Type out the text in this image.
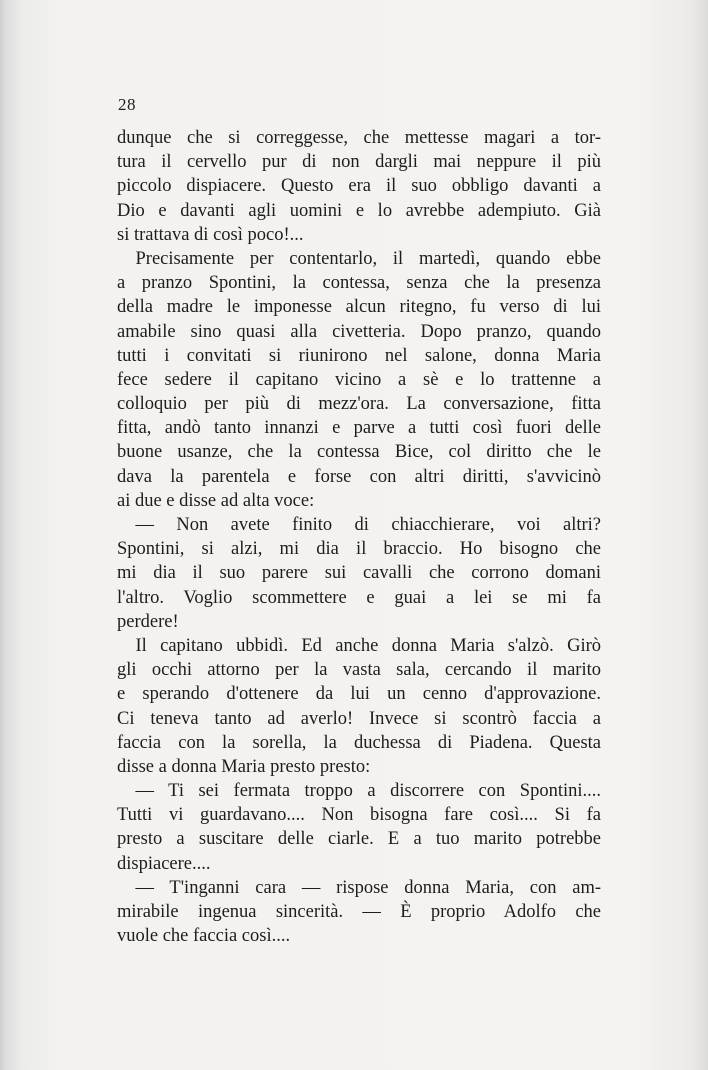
28
dunque che si correggesse, che mettesse magari a tor-
tura il cervello pur di non dargli mai neppure il più
piccolo dispiacere. Questo era il suo obbligo davanti a
Dio e davanti agli uomini e lo avrebbe adempiuto. Già
si trattava di così poco!...
 Precisamente per contentarlo, il martedì, quando ebbe
a pranzo Spontini, la contessa, senza che la presenza
della madre le imponesse alcun ritegno, fu verso di lui
amabile sino quasi alla civetteria. Dopo pranzo, quando
tutti i convitati si riunirono nel salone, donna Maria
fece sedere il capitano vicino a sè e lo trattenne a
colloquio per più di mezz'ora. La conversazione, fitta
fitta, andò tanto innanzi e parve a tutti così fuori delle
buone usanze, che la contessa Bice, col diritto che le
dava la parentela e forse con altri diritti, s'avvicinò
ai due e disse ad alta voce:
 — Non avete finito di chiacchierare, voi altri?
Spontini, si alzi, mi dia il braccio. Ho bisogno che
mi dia il suo parere sui cavalli che corrono domani
l'altro. Voglio scommettere e guai a lei se mi fa
perdere!
 Il capitano ubbidì. Ed anche donna Maria s'alzò. Girò
gli occhi attorno per la vasta sala, cercando il marito
e sperando d'ottenere da lui un cenno d'approvazione.
Ci teneva tanto ad averlo! Invece si scontrò faccia a
faccia con la sorella, la duchessa di Piadena. Questa
disse a donna Maria presto presto:
 — Ti sei fermata troppo a discorrere con Spontini....
Tutti vi guardavano.... Non bisogna fare così.... Si fa
presto a suscitare delle ciarle. E a tuo marito potrebbe
dispiacere....
 — T'inganni cara — rispose donna Maria, con am-
mirabile ingenua sincerità. — È proprio Adolfo che
vuole che faccia così....
